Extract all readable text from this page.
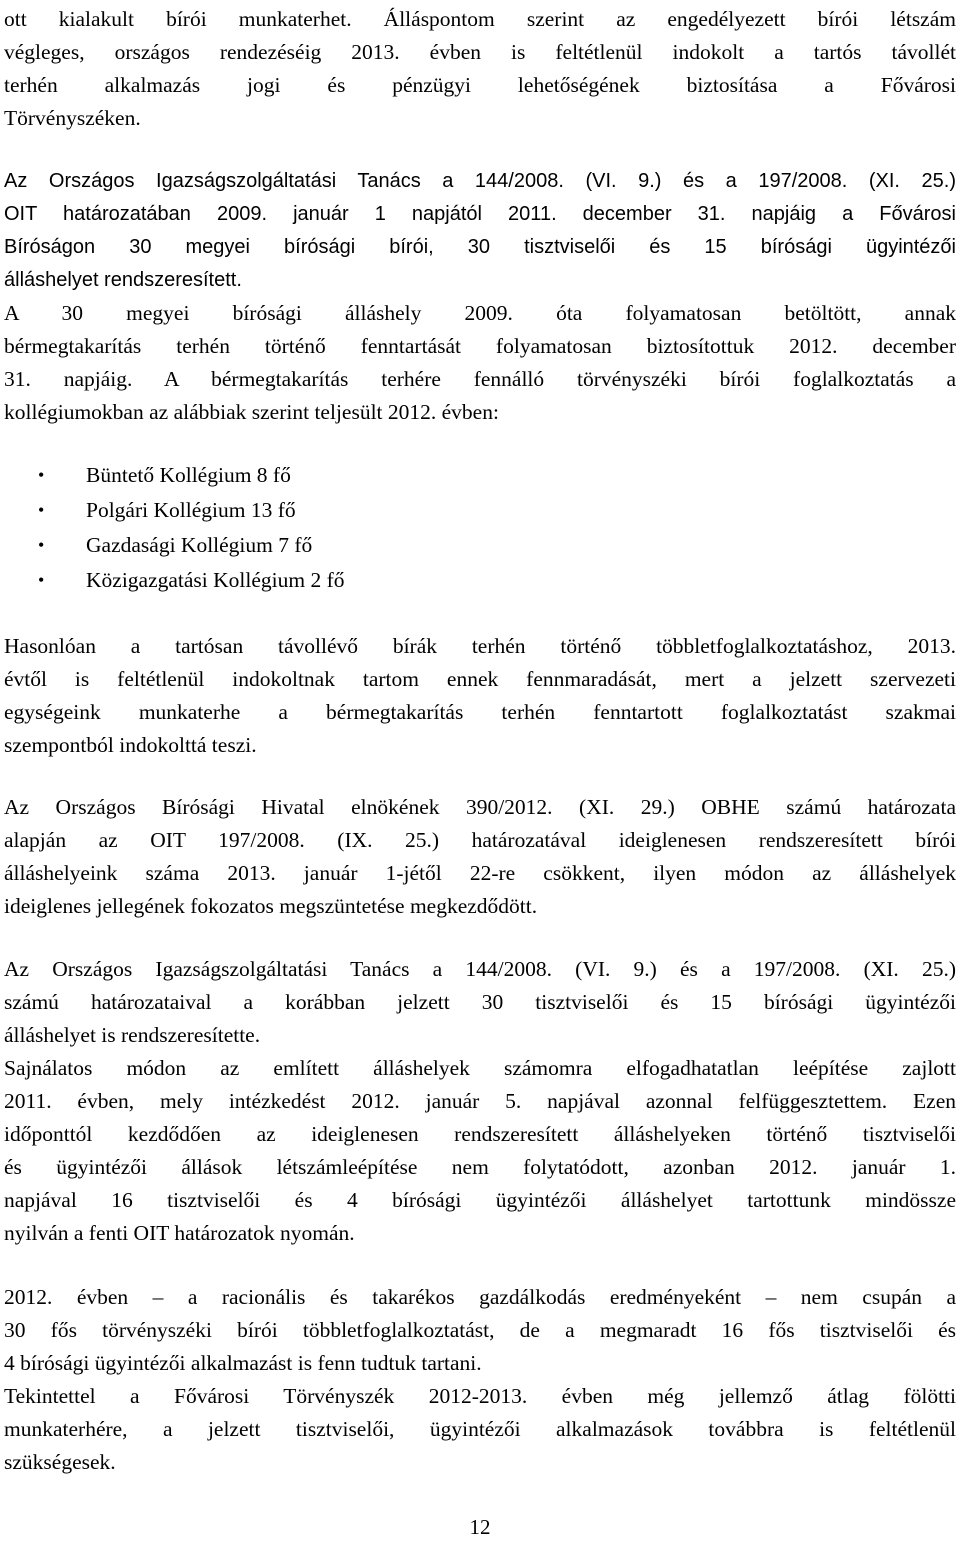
ott kialakult bírói munkaterhet. Álláspontom szerint az engedélyezett bírói létszám
végleges, országos rendezéséig 2013. évben is feltétlenül indokolt a tartós távollét
terhén alkalmazás jogi és pénzügyi lehetőségének biztosítása a Fővárosi
Törvényszéken.
Az Országos Igazságszolgáltatási Tanács a 144/2008. (VI. 9.) és a 197/2008. (XI. 25.)
OIT határozatában 2009. január 1 napjától 2011. december 31. napjáig a Fővárosi
Bíróságon 30 megyei bírósági bírói, 30 tisztviselői és 15 bírósági ügyintézői
álláshelyet rendszeresített.
A 30 megyei bírósági álláshely 2009. óta folyamatosan betöltött, annak
bérmegtakarítás terhén történő fenntartását folyamatosan biztosítottuk 2012. december
31. napjáig. A bérmegtakarítás terhére fennálló törvényszéki bírói foglalkoztatás a
kollégiumokban az alábbiak szerint teljesült 2012. évben:
Hasonlóan a tartósan távollévő bírák terhén történő többletfoglalkoztatáshoz, 2013.
évtől is feltétlenül indokoltnak tartom ennek fennmaradását, mert a jelzett szervezeti
egységeink munkaterhe a bérmegtakarítás terhén fenntartott foglalkoztatást szakmai
szempontból indokolttá teszi.
Az Országos Bírósági Hivatal elnökének 390/2012. (XI. 29.) OBHE számú határozata
alapján az OIT 197/2008. (IX. 25.) határozatával ideiglenesen rendszeresített bírói
álláshelyeink száma 2013. január 1-jétől 22-re csökkent, ilyen módon az álláshelyek
ideiglenes jellegének fokozatos megszüntetése megkezdődött.
Az Országos Igazságszolgáltatási Tanács a 144/2008. (VI. 9.) és a 197/2008. (XI. 25.)
számú határozataival a korábban jelzett 30 tisztviselői és 15 bírósági ügyintézői
álláshelyet is rendszeresítette.
Sajnálatos módon az említett álláshelyek számomra elfogadhatatlan leépítése zajlott
2011. évben, mely intézkedést 2012. január 5. napjával azonnal felfüggesztettem. Ezen
időponttól kezdődően az ideiglenesen rendszeresített álláshelyeken történő tisztviselői
és ügyintézői állások létszámleépítése nem folytatódott, azonban 2012. január 1.
napjával 16 tisztviselői és 4 bírósági ügyintézői álláshelyet tartottunk mindössze
nyilván a fenti OIT határozatok nyomán.
2012. évben – a racionális és takarékos gazdálkodás eredményeként – nem csupán a
30 fős törvényszéki bírói többletfoglalkoztatást, de a megmaradt 16 fős tisztviselői és
4 bírósági ügyintézői alkalmazást is fenn tudtuk tartani.
Tekintettel a Fővárosi Törvényszék 2012-2013. évben még jellemző átlag fölötti
munkaterhére, a jelzett tisztviselői, ügyintézői alkalmazások továbbra is feltétlenül
szükségesek.
•	Büntető Kollégium 8 fő
•	Polgári Kollégium 13 fő
•	Gazdasági Kollégium 7 fő
•	Közigazgatási Kollégium 2 fő
12
